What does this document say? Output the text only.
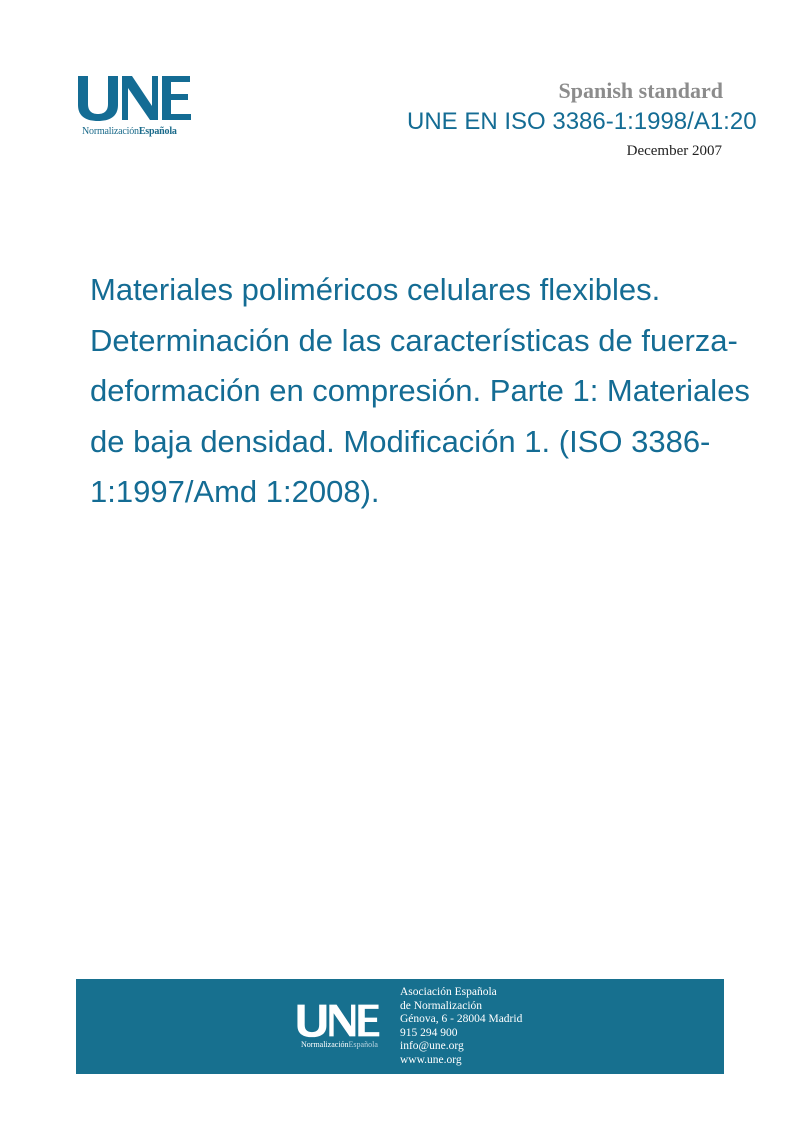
NormalizaciónEspañola
Spanish standard
UNE EN ISO 3386-1:1998/A1:20
December 2007
Materiales poliméricos celulares flexibles. Determinación de las características de fuerza-deformación en compresión. Parte 1: Materiales de baja densidad. Modificación 1. (ISO 3386-1:1997/Amd 1:2008).
NormalizaciónEspañola
Asociación Española
de Normalización
Génova, 6 - 28004 Madrid
915 294 900
info@une.org
www.une.org
